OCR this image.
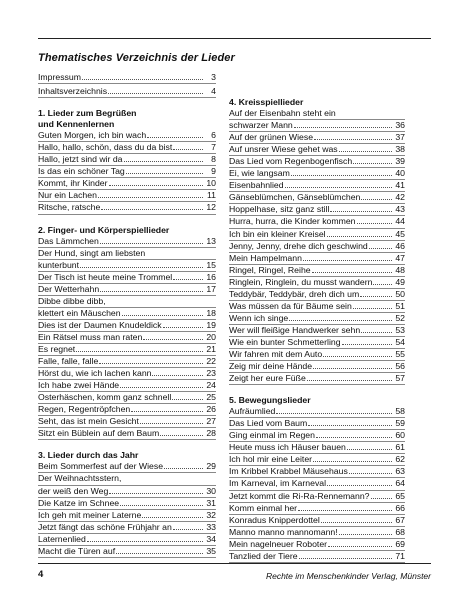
Thematisches Verzeichnis der Lieder
Impressum	3
Inhaltsverzeichnis	4
1. Lieder zum Begrüßen
und Kennenlernen
Guten Morgen, ich bin wach	6
Hallo, hallo, schön, dass du da bist	7
Hallo, jetzt sind wir da	8
Is das ein schöner Tag	9
Kommt, ihr Kinder	10
Nur ein Lachen	11
Ritsche, ratsche	12
2. Finger- und Körperspiellieder
Das Lämmchen	13
Der Hund, singt am liebsten
kunterbunt	15
Der Tisch ist heute meine Trommel	16
Der Wetterhahn	17
Dibbe dibbe dibb,
klettert ein Mäuschen	18
Dies ist der Daumen Knudeldick	19
Ein Rätsel muss man raten	20
Es regnet	21
Falle, falle, falle	22
Hörst du, wie ich lachen kann	23
Ich habe zwei Hände	24
Osterhäschen, komm ganz schnell	25
Regen, Regentröpfchen	26
Seht, das ist mein Gesicht	27
Sitzt ein Büblein auf dem Baum	28
3. Lieder durch das Jahr
Beim Sommerfest auf der Wiese	29
Der Weihnachtsstern,
der weiß den Weg	30
Die Katze im Schnee	31
Ich geh mit meiner Laterne	32
Jetzt fängt das schöne Frühjahr an	33
Laternenlied	34
Macht die Türen auf	35
4. Kreisspiellieder
Auf der Eisenbahn steht ein
schwarzer Mann	36
Auf der grünen Wiese	37
Auf unsrer Wiese gehet was	38
Das Lied vom Regenbogenfisch	39
Ei, wie langsam	40
Eisenbahnlied	41
Gänseblümchen, Gänseblümchen	42
Hoppelhase, sitz ganz still	43
Hurra, hurra, die Kinder kommen	44
Ich bin ein kleiner Kreisel	45
Jenny, Jenny, drehe dich geschwind	46
Mein Hampelmann	47
Ringel, Ringel, Reihe	48
Ringlein, Ringlein, du musst wandern	49
Teddybär, Teddybär, dreh dich um	50
Was müssen da für Bäume sein	51
Wenn ich singe	52
Wer will fleißige Handwerker sehn	53
Wie ein bunter Schmetterling	54
Wir fahren mit dem Auto	55
Zeig mir deine Hände	56
Zeigt her eure Füße	57
5. Bewegungslieder
Aufräumlied	58
Das Lied vom Baum	59
Ging einmal im Regen	60
Heute muss ich Häuser bauen	61
Ich hol mir eine Leiter	62
Im Kribbel Krabbel Mäusehaus	63
Im Karneval, im Karneval	64
Jetzt kommt die Ri-Ra-Rennemann?	65
Komm einmal her	66
Konradus Knipperdottel	67
Manno manno mannomann!	68
Mein nagelneuer Roboter	69
Tanzlied der Tiere	71
4	Rechte im Menschenkinder Verlag, Münster
